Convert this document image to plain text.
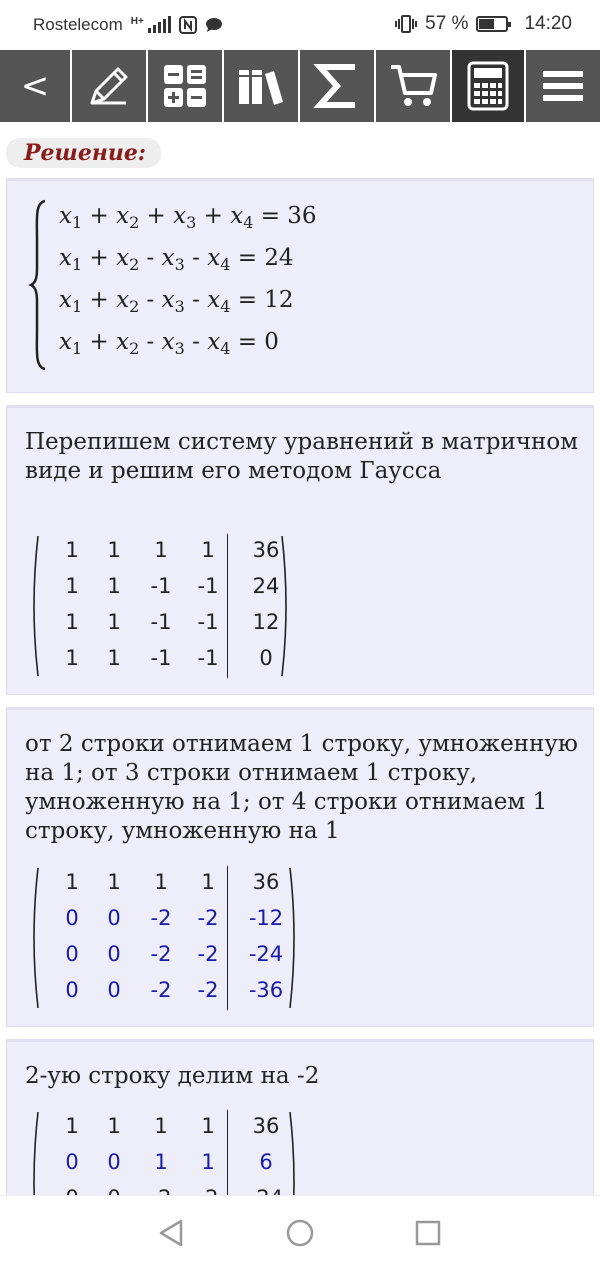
Rostelecom H+	57 %	14:20
<
Решение:
$x_1 + x_2 + x_3 + x_4 = 36$
$x_1 + x_2 - x_3 - x_4 = 24$
$x_1 + x_2 - x_3 - x_4 = 12$
$x_1 + x_2 - x_3 - x_4 = 0$
Перепишем систему уравнений в матричном виде и решим его методом Гаусса
1	1	1	1	36
1	1	-1	-1	24
1	1	-1	-1	12
1	1	-1	-1	0
от 2 строки отнимаем 1 строку, умноженную на 1; от 3 строки отнимаем 1 строку, умноженную на 1; от 4 строки отнимаем 1 строку, умноженную на 1
1	1	1	1	36
0	0	-2	-2	-12
0	0	-2	-2	-24
0	0	-2	-2	-36
2-ую строку делим на -2
1	1	1	1	36
0	0	1	1	6
